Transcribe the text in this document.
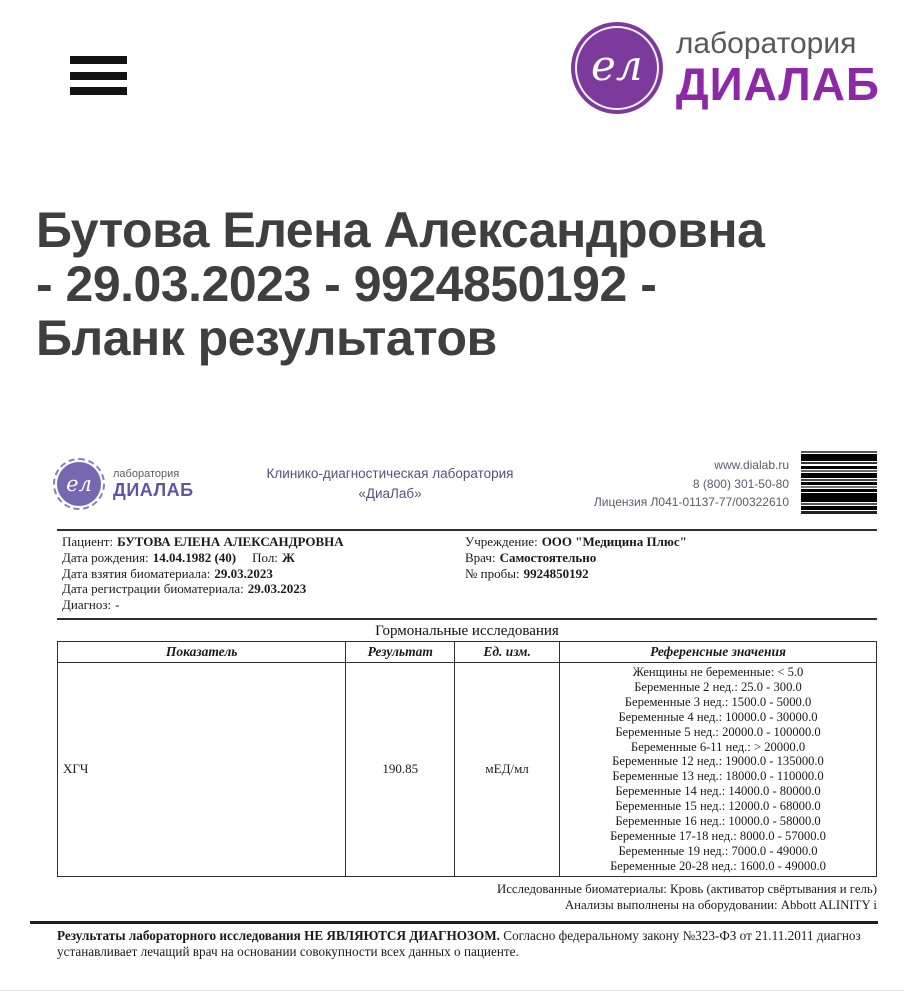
ел лаборатория
ДИАЛАБ
Бутова Елена Александровна
- 29.03.2023 - 9924850192 -
Бланк результатов
ел лаборатория
ДИАЛАБ
Клинико-диагностическая лаборатория
«ДиаЛаб»
www.dialab.ru
8 (800) 301-50-80
Лицензия Л041-01137-77/00322610
Пациент: БУТОВА ЕЛЕНА АЛЕКСАНДРОВНА
Дата рождения: 14.04.1982 (40) Пол: Ж
Дата взятия биоматериала: 29.03.2023
Дата регистрации биоматериала: 29.03.2023
Диагноз: -
Учреждение: ООО "Медицина Плюс"
Врач: Самостоятельно
№ пробы: 9924850192
Гормональные исследования
Показатель	Результат	Ед. изм.	Референсные значения
ХГЧ	190.85	мЕД/мл	
Женщины не беременные: < 5.0
Беременные 2 нед.: 25.0 - 300.0
Беременные 3 нед.: 1500.0 - 5000.0
Беременные 4 нед.: 10000.0 - 30000.0
Беременные 5 нед.: 20000.0 - 100000.0
Беременные 6-11 нед.: > 20000.0
Беременные 12 нед.: 19000.0 - 135000.0
Беременные 13 нед.: 18000.0 - 110000.0
Беременные 14 нед.: 14000.0 - 80000.0
Беременные 15 нед.: 12000.0 - 68000.0
Беременные 16 нед.: 10000.0 - 58000.0
Беременные 17-18 нед.: 8000.0 - 57000.0
Беременные 19 нед.: 7000.0 - 49000.0
Беременные 20-28 нед.: 1600.0 - 49000.0
Исследованные биоматериалы: Кровь (активатор свёртывания и гель)
Анализы выполнены на оборудовании: Abbott ALINITY i

Результаты лабораторного исследования НЕ ЯВЛЯЮТСЯ ДИАГНОЗОМ. Согласно федеральному закону №323-ФЗ от 21.11.2011 диагноз устанавливает лечащий врач на основании совокупности всех данных о пациенте.
